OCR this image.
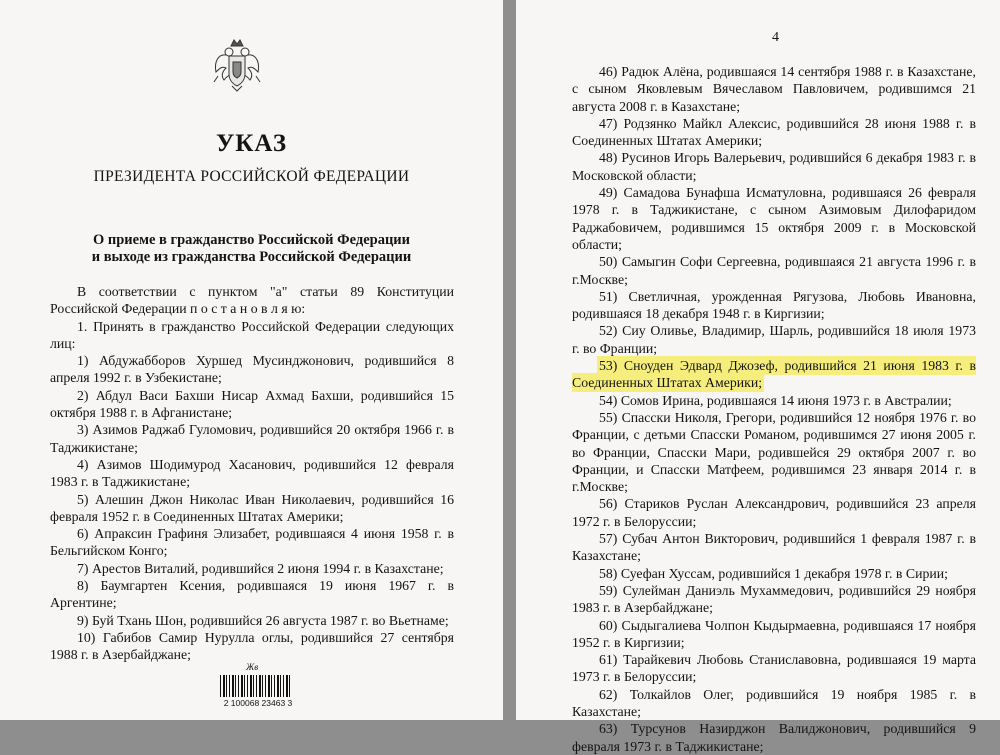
УКАЗ
ПРЕЗИДЕНТА РОССИЙСКОЙ ФЕДЕРАЦИИ
О приеме в гражданство Российской Федерации
и выходе из гражданства Российской Федерации

В соответствии с пунктом "а" статьи 89 Конституции Российской Федерации п о с т а н о в л я ю:

1. Принять в гражданство Российской Федерации следующих лиц:

1) Абдужабборов Хуршед Мусинджонович, родившийся 8 апреля 1992 г. в Узбекистане;

2) Абдул Васи Бахши Нисар Ахмад Бахши, родившийся 15 октября 1988 г. в Афганистане;

3) Азимов Раджаб Гуломович, родившийся 20 октября 1966 г. в Таджикистане;

4) Азимов Шодимурод Хасанович, родившийся 12 февраля 1983 г. в Таджикистане;

5) Алешин Джон Николас Иван Николаевич, родившийся 16 февраля 1952 г. в Соединенных Штатах Америки;

6) Апраксин Графиня Элизабет, родившаяся 4 июня 1958 г. в Бельгийском Конго;

7) Арестов Виталий, родившийся 2 июня 1994 г. в Казахстане;

8) Баумгартен Ксения, родившаяся 19 июня 1967 г. в Аргентине;

9) Буй Тхань Шон, родившийся 26 августа 1987 г. во Вьетнаме;

10) Габибов Самир Нурулла оглы, родившийся 27 сентября 1988 г. в Азербайджане;

Жв
2 100068 23463 3
4

46) Радюк Алёна, родившаяся 14 сентября 1988 г. в Казахстане, с сыном Яковлевым Вячеславом Павловичем, родившимся 21 августа 2008 г. в Казахстане;

47) Родзянко Майкл Алексис, родившийся 28 июня 1988 г. в Соединенных Штатах Америки;

48) Русинов Игорь Валерьевич, родившийся 6 декабря 1983 г. в Московской области;

49) Самадова Бунафша Исматуловна, родившаяся 26 февраля 1978 г. в Таджикистане, с сыном Азимовым Дилофаридом Раджабовичем, родившимся 15 октября 2009 г. в Московской области;

50) Самыгин Софи Сергеевна, родившаяся 21 августа 1996 г. в г.Москве;

51) Светличная, урожденная Рягузова, Любовь Ивановна, родившаяся 18 декабря 1948 г. в Киргизии;

52) Сиу Оливье, Владимир, Шарль, родившийся 18 июля 1973 г. во Франции;

53) Сноуден Эдвард Джозеф, родившийся 21 июня 1983 г. в Соединенных Штатах Америки;

54) Сомов Ирина, родившаяся 14 июня 1973 г. в Австралии;

55) Спасски Николя, Грегори, родившийся 12 ноября 1976 г. во Франции, с детьми Спасски Романом, родившимся 27 июня 2005 г. во Франции, Спасски Мари, родившейся 29 октября 2007 г. во Франции, и Спасски Матфеем, родившимся 23 января 2014 г. в г.Москве;

56) Стариков Руслан Александрович, родившийся 23 апреля 1972 г. в Белоруссии;

57) Субач Антон Викторович, родившийся 1 февраля 1987 г. в Казахстане;

58) Суефан Хуссам, родившийся 1 декабря 1978 г. в Сирии;

59) Сулейман Даниэль Мухаммедович, родившийся 29 ноября 1983 г. в Азербайджане;

60) Сыдыгалиева Чолпон Кыдырмаевна, родившаяся 17 ноября 1952 г. в Киргизии;

61) Тарайкевич Любовь Станиславовна, родившаяся 19 марта 1973 г. в Белоруссии;

62) Толкайлов Олег, родившийся 19 ноября 1985 г. в Казахстане;

63) Турсунов Назирджон Валиджонович, родившийся 9 февраля 1973 г. в Таджикистане;
